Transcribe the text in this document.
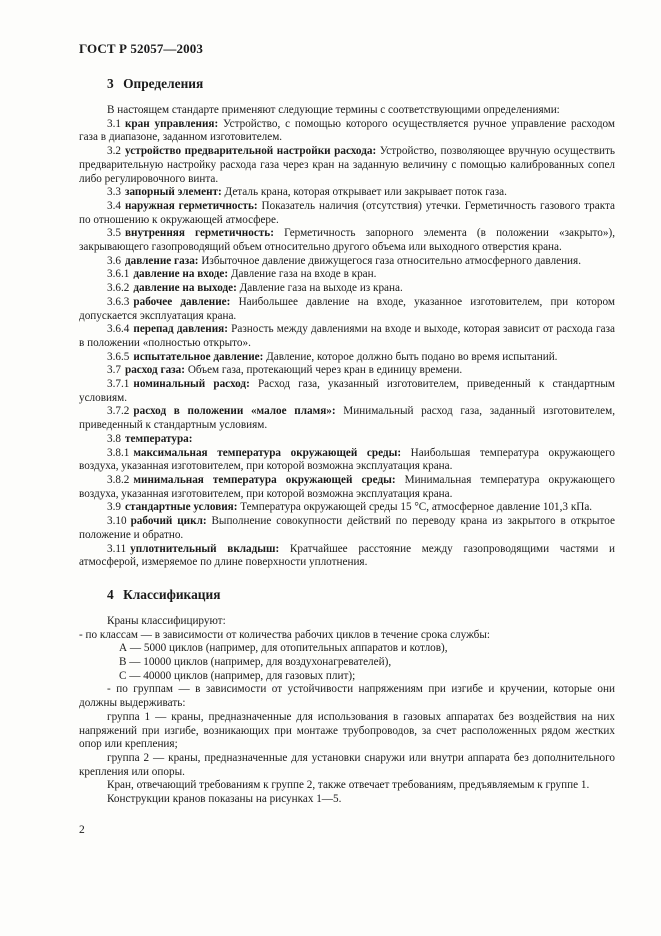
ГОСТ Р 52057—2003
3 Определения

В настоящем стандарте применяют следующие термины с соответствующими определениями:

3.1 кран управления: Устройство, с помощью которого осуществляется ручное управление расходом газа в диапазоне, заданном изготовителем.

3.2 устройство предварительной настройки расхода: Устройство, позволяющее вручную осуществить предварительную настройку расхода газа через кран на заданную величину с помощью калиброванных сопел либо регулировочного винта.

3.3 запорный элемент: Деталь крана, которая открывает или закрывает поток газа.

3.4 наружная герметичность: Показатель наличия (отсутствия) утечки. Герметичность газового тракта по отношению к окружающей атмосфере.

3.5 внутренняя герметичность: Герметичность запорного элемента (в положении «закрыто»), закрывающего газопроводящий объем относительно другого объема или выходного отверстия крана.

3.6 давление газа: Избыточное давление движущегося газа относительно атмосферного давления.

3.6.1 давление на входе: Давление газа на входе в кран.

3.6.2 давление на выходе: Давление газа на выходе из крана.

3.6.3 рабочее давление: Наибольшее давление на входе, указанное изготовителем, при котором допускается эксплуатация крана.

3.6.4 перепад давления: Разность между давлениями на входе и выходе, которая зависит от расхода газа в положении «полностью открыто».

3.6.5 испытательное давление: Давление, которое должно быть подано во время испытаний.

3.7 расход газа: Объем газа, протекающий через кран в единицу времени.

3.7.1 номинальный расход: Расход газа, указанный изготовителем, приведенный к стандартным условиям.

3.7.2 расход в положении «малое пламя»: Минимальный расход газа, заданный изготовителем, приведенный к стандартным условиям.

3.8 температура:

3.8.1 максимальная температура окружающей среды: Наибольшая температура окружающего воздуха, указанная изготовителем, при которой возможна эксплуатация крана.

3.8.2 минимальная температура окружающей среды: Минимальная температура окружающего воздуха, указанная изготовителем, при которой возможна эксплуатация крана.

3.9 стандартные условия: Температура окружающей среды 15 °С, атмосферное давление 101,3 кПа.

3.10 рабочий цикл: Выполнение совокупности действий по переводу крана из закрытого в открытое положение и обратно.

3.11 уплотнительный вкладыш: Кратчайшее расстояние между газопроводящими частями и атмосферой, измеряемое по длине поверхности уплотнения.

4 Классификация

Краны классифицируют:

- по классам — в зависимости от количества рабочих циклов в течение срока службы:

А — 5000 циклов (например, для отопительных аппаратов и котлов),

В — 10000 циклов (например, для воздухонагревателей),

С — 40000 циклов (например, для газовых плит);

- по группам — в зависимости от устойчивости напряжениям при изгибе и кручении, которые они должны выдерживать:

группа 1 — краны, предназначенные для использования в газовых аппаратах без воздействия на них напряжений при изгибе, возникающих при монтаже трубопроводов, за счет расположенных рядом жестких опор или крепления;

группа 2 — краны, предназначенные для установки снаружи или внутри аппарата без дополнительного крепления или опоры.

Кран, отвечающий требованиям к группе 2, также отвечает требованиям, предъявляемым к группе 1.

Конструкции кранов показаны на рисунках 1—5.

2
